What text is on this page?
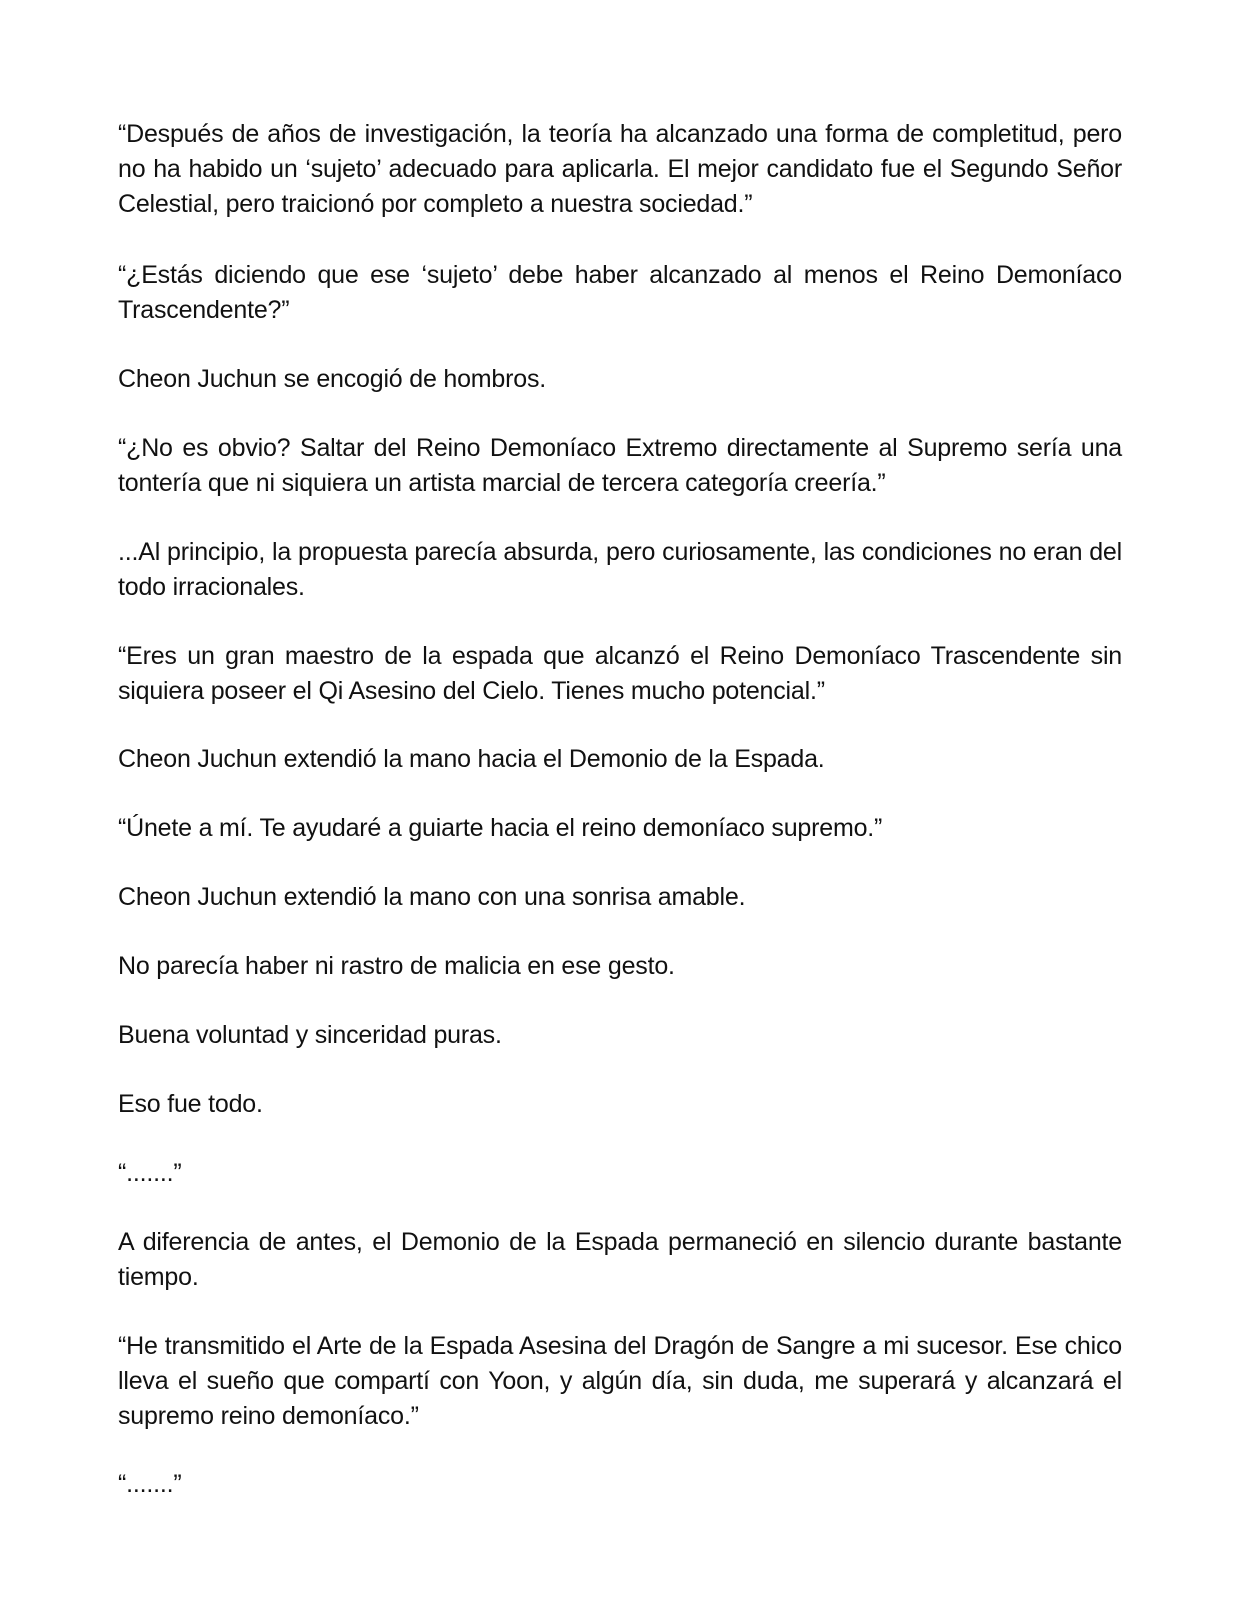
“Después de años de investigación, la teoría ha alcanzado una forma de completitud, pero no ha habido un ‘sujeto’ adecuado para aplicarla. El mejor candidato fue el Segundo Señor Celestial, pero traicionó por completo a nuestra sociedad.”

“¿Estás diciendo que ese ‘sujeto’ debe haber alcanzado al menos el Reino Demoníaco Trascendente?”

Cheon Juchun se encogió de hombros.

“¿No es obvio? Saltar del Reino Demoníaco Extremo directamente al Supremo sería una tontería que ni siquiera un artista marcial de tercera categoría creería.”

...Al principio, la propuesta parecía absurda, pero curiosamente, las condiciones no eran del todo irracionales.

“Eres un gran maestro de la espada que alcanzó el Reino Demoníaco Trascendente sin siquiera poseer el Qi Asesino del Cielo. Tienes mucho potencial.”

Cheon Juchun extendió la mano hacia el Demonio de la Espada.

“Únete a mí. Te ayudaré a guiarte hacia el reino demoníaco supremo.”

Cheon Juchun extendió la mano con una sonrisa amable.

No parecía haber ni rastro de malicia en ese gesto.

Buena voluntad y sinceridad puras.

Eso fue todo.

“.......”

A diferencia de antes, el Demonio de la Espada permaneció en silencio durante bastante tiempo.

“He transmitido el Arte de la Espada Asesina del Dragón de Sangre a mi sucesor. Ese chico lleva el sueño que compartí con Yoon, y algún día, sin duda, me superará y alcanzará el supremo reino demoníaco.”

“.......”
